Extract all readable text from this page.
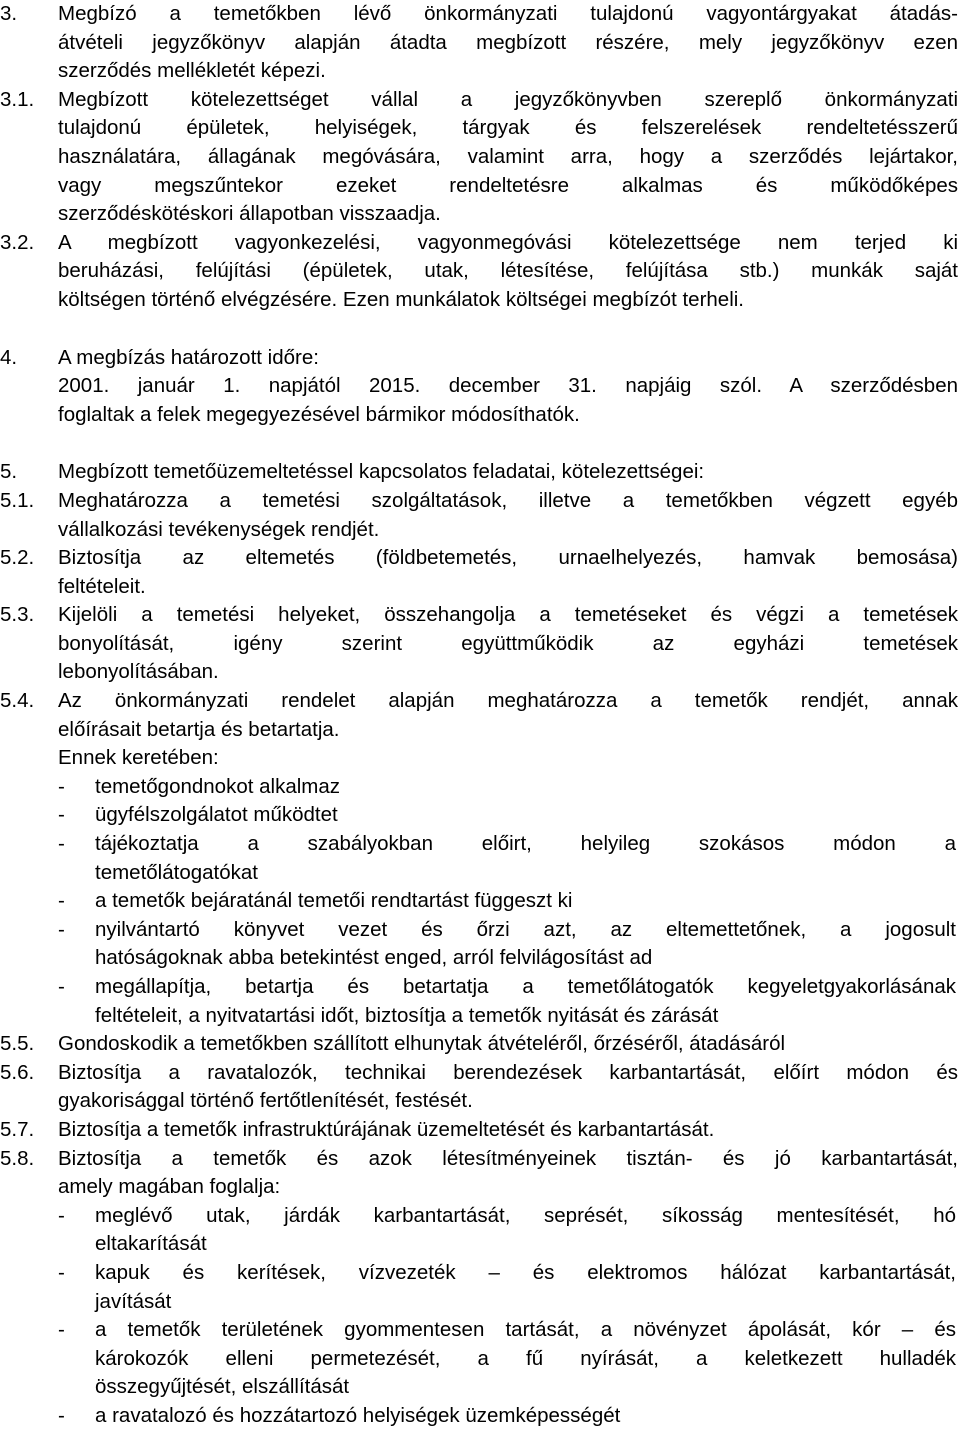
3. Megbízó a temetőkben lévő önkormányzati tulajdonú vagyontárgyakat átadás-
átvételi jegyzőkönyv alapján átadta megbízott részére, mely jegyzőkönyv ezen
szerződés mellékletét képezi.
3.1. Megbízott kötelezettséget vállal a jegyzőkönyvben szereplő önkormányzati
tulajdonú épületek, helyiségek, tárgyak és felszerelések rendeltetésszerű
használatára, állagának megóvására, valamint arra, hogy a szerződés lejártakor,
vagy megszűntekor ezeket rendeltetésre alkalmas és működőképes
szerződéskötéskori állapotban visszaadja.
3.2. A megbízott vagyonkezelési, vagyonmegóvási kötelezettsége nem terjed ki
beruházási, felújítási (épületek, utak, létesítése, felújítása stb.) munkák saját
költségen történő elvégzésére. Ezen munkálatok költségei megbízót terheli.
4. A megbízás határozott időre:
2001. január 1. napjától 2015. december 31. napjáig szól. A szerződésben
foglaltak a felek megegyezésével bármikor módosíthatók.
5. Megbízott temetőüzemeltetéssel kapcsolatos feladatai, kötelezettségei:
5.1. Meghatározza a temetési szolgáltatások, illetve a temetőkben végzett egyéb
vállalkozási tevékenységek rendjét.
5.2. Biztosítja az eltemetés (földbetemetés, urnaelhelyezés, hamvak bemosása)
feltételeit.
5.3. Kijelöli a temetési helyeket, összehangolja a temetéseket és végzi a temetések
bonyolítását, igény szerint együttműködik az egyházi temetések
lebonyolításában.
5.4. Az önkormányzati rendelet alapján meghatározza a temetők rendjét, annak
előírásait betartja és betartatja.
Ennek keretében:
- temetőgondnokot alkalmaz
- ügyfélszolgálatot működtet
- tájékoztatja a szabályokban előirt, helyileg szokásos módon a
temetőlátogatókat
- a temetők bejáratánál temetői rendtartást függeszt ki
- nyilvántartó könyvet vezet és őrzi azt, az eltemettetőnek, a jogosult
hatóságoknak abba betekintést enged, arról felvilágosítást ad
- megállapítja, betartja és betartatja a temetőlátogatók kegyeletgyakorlásának
feltételeit, a nyitvatartási időt, biztosítja a temetők nyitását és zárását
5.5. Gondoskodik a temetőkben szállított elhunytak átvételéről, őrzéséről, átadásáról
5.6. Biztosítja a ravatalozók, technikai berendezések karbantartását, előírt módon és
gyakorisággal történő fertőtlenítését, festését.
5.7. Biztosítja a temetők infrastruktúrájának üzemeltetését és karbantartását.
5.8. Biztosítja a temetők és azok létesítményeinek tisztán- és jó karbantartását,
amely magában foglalja:
- meglévő utak, járdák karbantartását, seprését, síkosság mentesítését, hó
eltakarítását
- kapuk és kerítések, vízvezeték – és elektromos hálózat karbantartását,
javítását
- a temetők területének gyommentesen tartását, a növényzet ápolását, kór – és
károkozók elleni permetezését, a fű nyírását, a keletkezett hulladék
összegyűjtését, elszállítását
- a ravatalozó és hozzátartozó helyiségek üzemképességét
